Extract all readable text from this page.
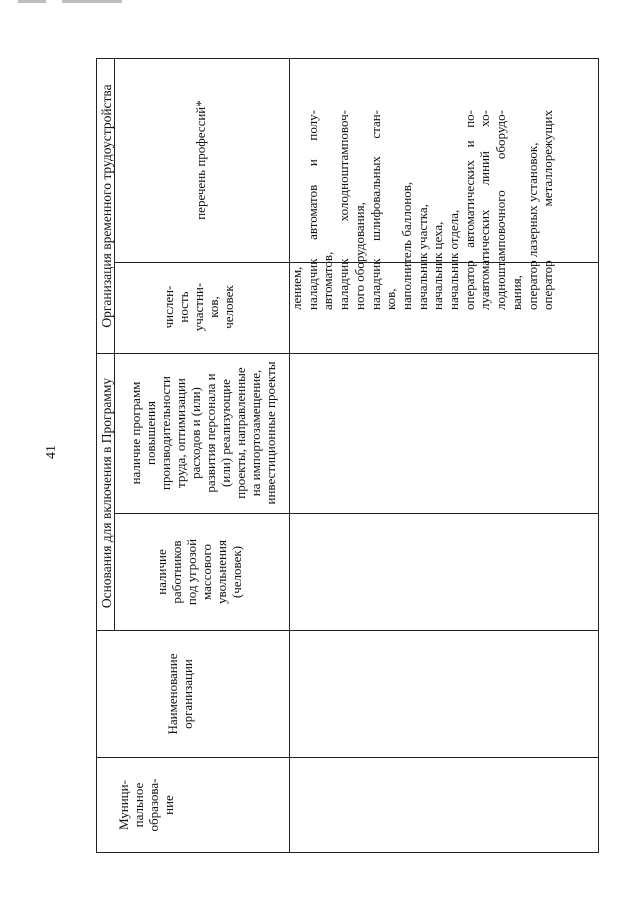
41	Основания для включения в Программу
Организация временного трудоустройства
Муници-
пальное
образова-
ние
Наименование
организации
наличие
работников
под угрозой
массового
увольнения
(человек)
наличие программ
повышения
производительности
труда, оптимизации
расходов и (или)
развития персонала и
(или) реализующие
проекты, направленные
на импортозамещение,
инвестиционные проекты
числен-
ность
участни-
ков,
человек
перечень профессий*
лением, наладчик автоматов и полу- автоматов, наладчик холодноштамповоч- ного оборудования, наладчик шлифовальных стан- ков, наполнитель баллонов, начальник участка, начальник цеха, начальник отдела, оператор автоматических и по- луавтоматических линий хо- лодноштамповочного оборудо- вания, оператор лазерных установок, оператор металлорежущих
